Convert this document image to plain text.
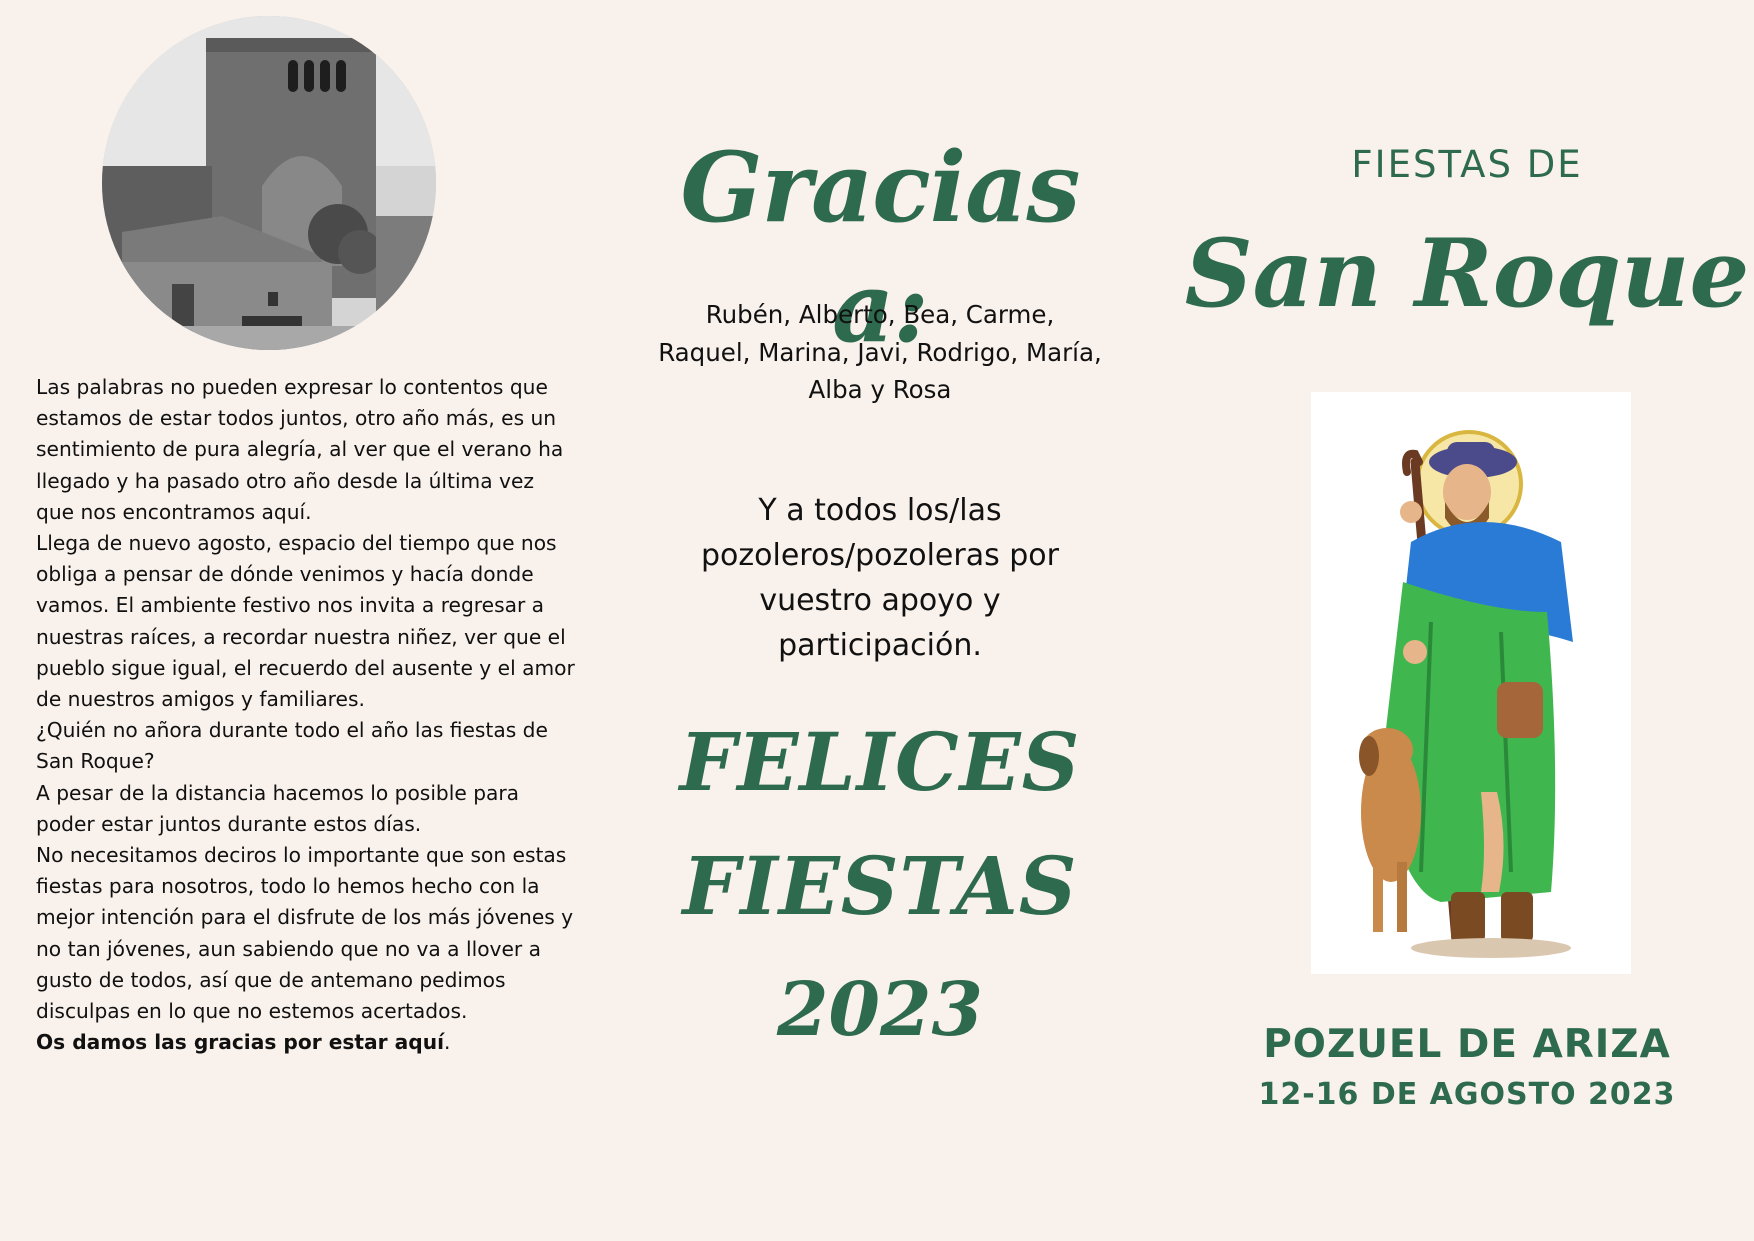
Las palabras no pueden expresar lo contentos que estamos de estar todos juntos, otro año más, es un sentimiento de pura alegría, al ver que el verano ha llegado y ha pasado otro año desde la última vez que nos encontramos aquí.

Llega de nuevo agosto, espacio del tiempo que nos obliga a pensar de dónde venimos y hacía donde vamos. El ambiente festivo nos invita a regresar a nuestras raíces, a recordar nuestra niñez, ver que el pueblo sigue igual, el recuerdo del ausente y el amor de nuestros amigos y familiares.

¿Quién no añora durante todo el año las fiestas de San Roque?

A pesar de la distancia hacemos lo posible para poder estar juntos durante estos días.

No necesitamos deciros lo importante que son estas fiestas para nosotros, todo lo hemos hecho con la mejor intención para el disfrute de los más jóvenes y no tan jóvenes, aun sabiendo que no va a llover a gusto de todos, así que de antemano pedimos disculpas en lo que no estemos acertados.

Os damos las gracias por estar aquí.

Gracias a:
Rubén, Alberto, Bea, Carme,
Raquel, Marina, Javi, Rodrigo, María,
Alba y Rosa
Y a todos los/las
pozoleros/pozoleras por
vuestro apoyo y
participación.
FELICES
FIESTAS
2023
FIESTAS DE
San Roque
POZUEL DE ARIZA
12-16 DE AGOSTO 2023
